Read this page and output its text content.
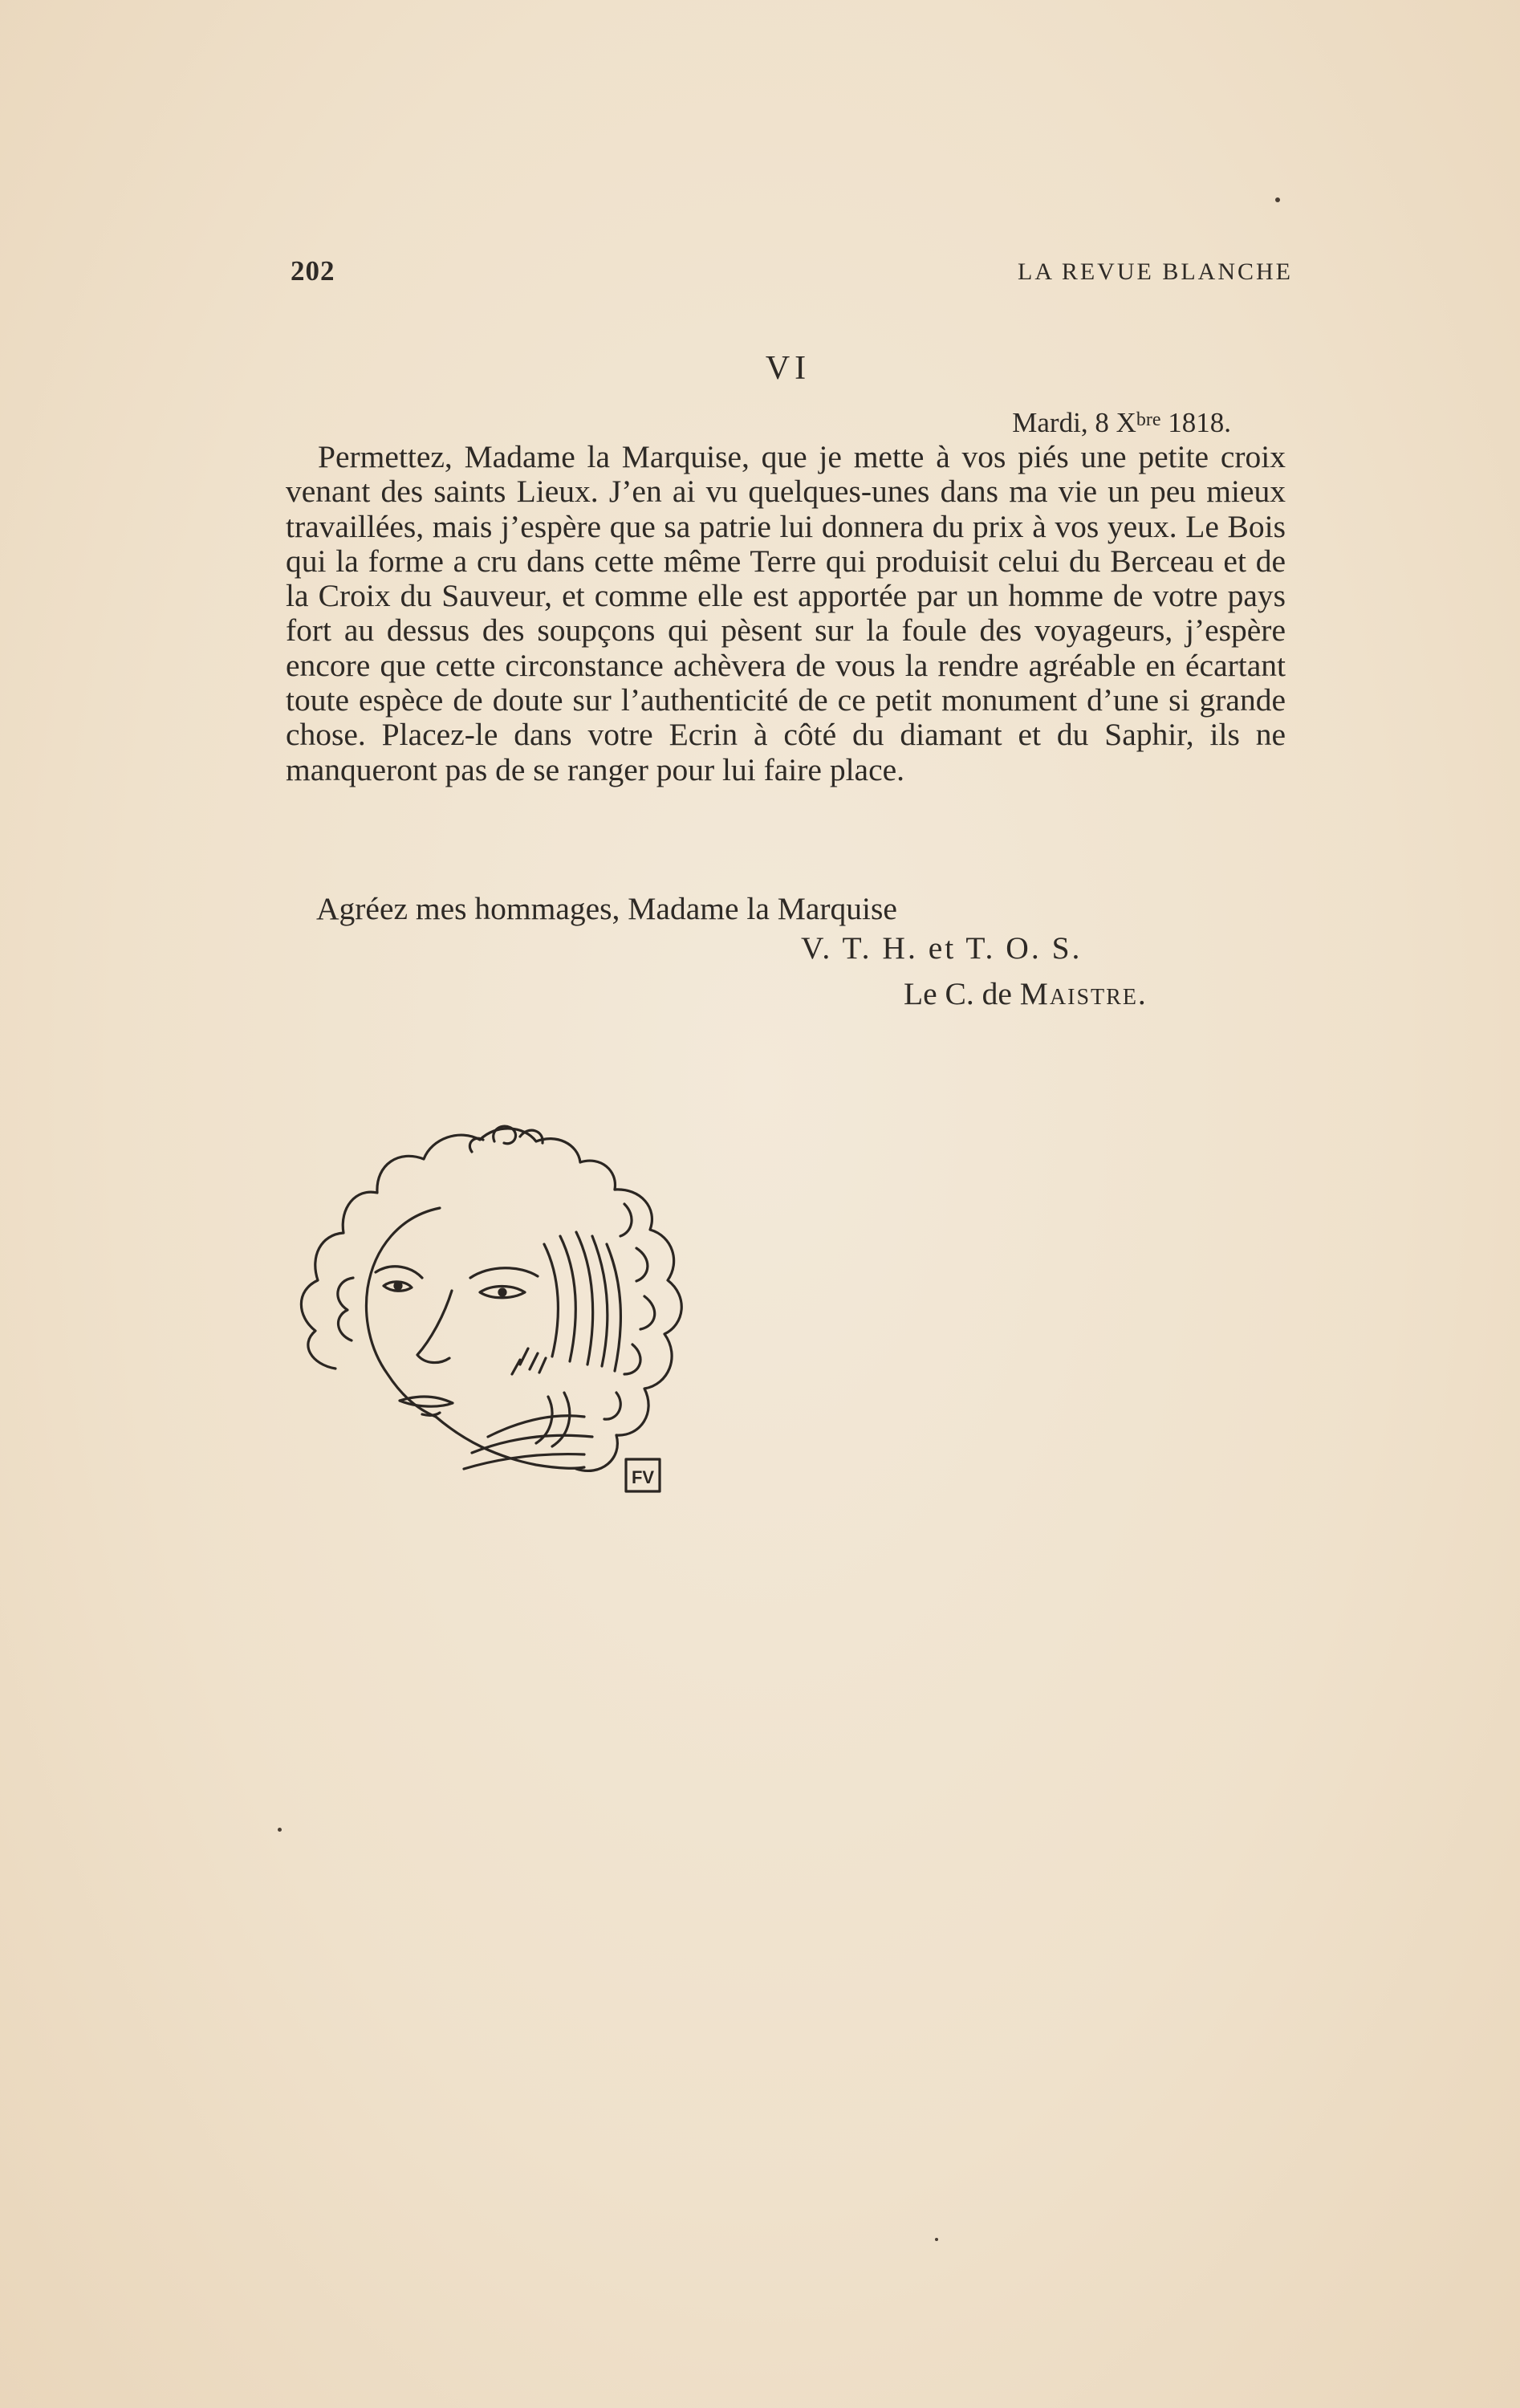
202	LA REVUE BLANCHE
VI
Mardi, 8 $X^{bre}$ 1818.

Permettez, Madame la Marquise, que je mette à vos piés une petite croix venant des saints Lieux. J’en ai vu quelques-unes dans ma vie un peu mieux travaillées, mais j’espère que sa patrie lui donnera du prix à vos yeux. Le Bois qui la forme a cru dans cette même Terre qui produisit celui du Berceau et de la Croix du Sauveur, et comme elle est apportée par un homme de votre pays fort au dessus des soupçons qui pèsent sur la foule des voyageurs, j’espère encore que cette circonstance achèvera de vous la rendre agréable en écartant toute espèce de doute sur l’authenticité de ce petit monument d’une si grande chose. Placez-le dans votre Ecrin à côté du diamant et du Saphir, ils ne manqueront pas de se ranger pour lui faire place.

Agréez mes hommages, Madame la Marquise
V. T. H. et T. O. S.
Le C. de Maistre.
FV
